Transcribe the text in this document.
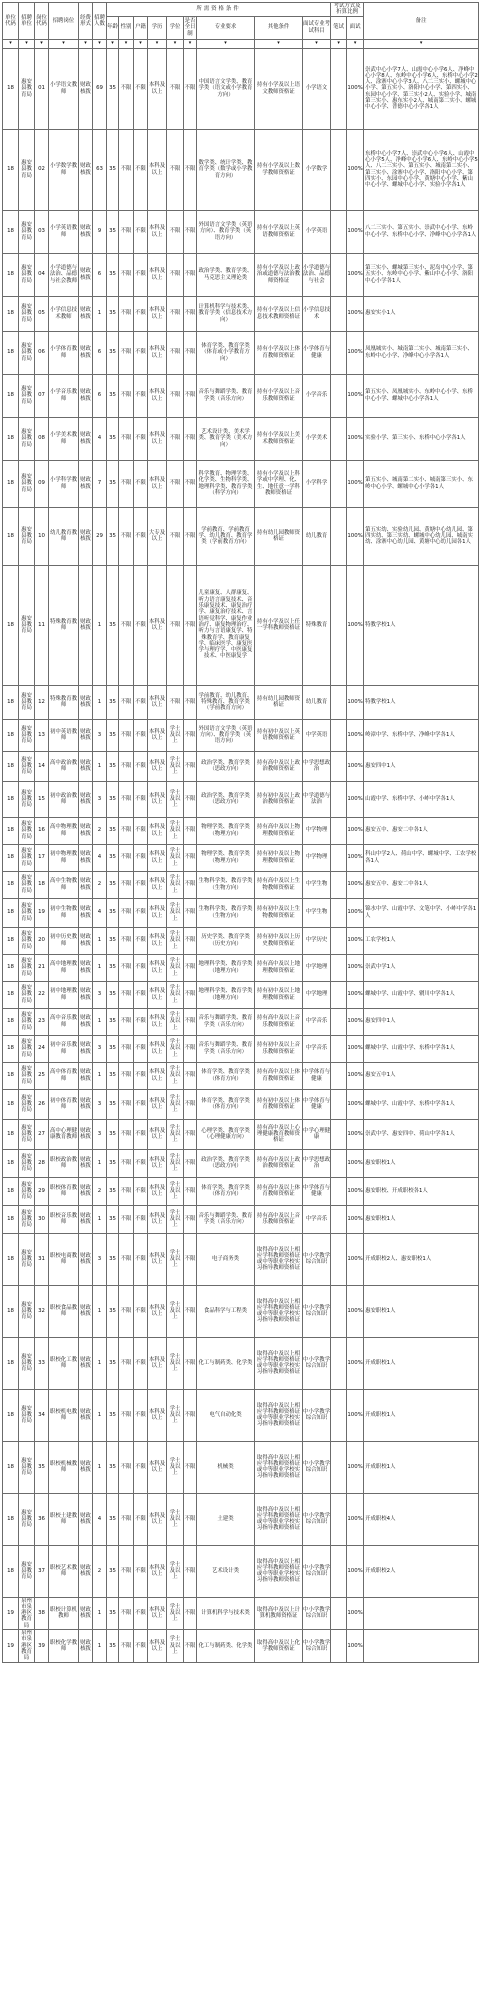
单位代码	招聘单位	岗位代码	招聘岗位	经费形式	招聘人数	所需资格条件									考试方式及折算比例		备注
						年龄	性别	户籍	学历	学位	是否全日制	专业要求	其他条件	面试专业考试科目	笔试	面试	
▾	▾	▾	▾	▾	▾	▾	▾	▾	▾	▾	▾	▾	▾	▾	▾	▾	▾
18	惠安县教育局	01	小学语文教师	财政核拨	69	35	不限	不限	本科及以上	不限	不限	中国语言文学类、教育学类（语文或小学教育方向）	持有小学及以上语文教师资格证	小学语文		100%	崇武中心小学7人、山霞中心小学6人、净峰中心小学8人、东岭中心小学6人、东桥中心小学2人、涂寨中心小学3人、八二三实小、螺城中心小学、第五实小、洛阳中心小学、第四实小、东园中心小学、第三实小2人、实验小学、城南第三实小、惠东实小2人、城南第二实小、螺城中心小学、普德中心小学各1人
18	惠安县教育局	02	小学数学教师	财政核拨	63	35	不限	不限	本科及以上	不限	不限	数学类、统计学类、教育学类（数学或小学教育方向）	持有小学及以上数学教师资格证	小学数学		100%	东桥中心小学7人、崇武中心小学6人、山霞中心小学5人、净峰中心小学6人、东岭中心小学5人、八二三实小、第五实小、城南第二实小、第三实小、涂寨中心小学、洛阳中心小学、第四实小、东园中心小学、黄塘中心小学、紫山中心小学、螺城中心小学、实验小学各1人
18	惠安县教育局	03	小学英语教师	财政核拨	9	35	不限	不限	本科及以上	不限	不限	外国语言文学类（英语方向）、教育学类（英语方向）	持有小学及以上英语教师资格证	小学英语		100%	八二三实小、第五实小、崇武中心小学、东岭中心小学、东桥中心小学、净峰中心小学各1人
18	惠安县教育局	04	小学道德与法治、品德与社会教师	财政核拨	6	35	不限	不限	本科及以上	不限	不限	政治学类、教育学类、马克思主义理论类	持有小学及以上政治或道德与法治教师资格证	小学道德与法治、品德与社会		100%	第三实小、螺城第三实小、泥岛中心小学、第五实小、东岭中心小学、紫山中心小学、洛阳中心小学各1人
18	惠安县教育局	05	小学信息技术教师	财政核拨	1	35	不限	不限	本科及以上	不限	不限	计算机科学与技术类、教育学类（信息技术方向）	持有小学及以上信息技术教师资格证	小学信息技术		100%	惠安实小1人
18	惠安县教育局	06	小学体育教师	财政核拨	6	35	不限	不限	本科及以上	不限	不限	体育学类、教育学类（体育或小学教育方向）	持有小学及以上体育教师资格证	小学体育与健康		100%	凤凰城实小、城南第二实小、城南第三实小、东岭中心小学、净峰中心小学各1人
18	惠安县教育局	07	小学音乐教师	财政核拨	6	35	不限	不限	本科及以上	不限	不限	音乐与舞蹈学类、教育学类（音乐方向）	持有小学及以上音乐教师资格证	小学音乐		100%	第五实小、凤凰城实小、东岭中心小学、东桥中心小学、螺城中心小学各1人
18	惠安县教育局	08	小学美术教师	财政核拨	4	35	不限	不限	本科及以上	不限	不限	艺术设计类、美术学类、教育学类（美术方向）	持有小学及以上美术教师资格证	小学美术		100%	实验小学、第三实小、东桥中心小学各1人
18	惠安县教育局	09	小学科学教师	财政核拨	7	35	不限	不限	本科及以上	不限	不限	科学教育、物理学类、化学类、生物科学类、地理科学类、教育学类（科学方向）	持有小学及以上科学或中学理、化、生、地任意一学科教师资格证	小学科学		100%	第五实小、城南第二实小、城南第三实小、东岭中心小学、螺城中心小学各1人
18	惠安县教育局	10	幼儿教育教师	财政核拨	29	35	不限	不限	大专及以上	不限	不限	学前教育、学前教育学、幼儿教育、教育学类（学前教育方向）	持有幼儿园教师资格证	幼儿教育		100%	第五实幼、实验幼儿园、黄塘中心幼儿园、第四实幼、第三实幼、螺城中心幼儿园、城南实幼、涂寨中心幼儿园、黄塘中心幼儿园各1人
18	惠安县教育局	11	特殊教育教师	财政核拨	1	35	不限	不限	本科及以上	不限	不限	儿童康复、人群康复、听力语言康复技术、音乐康复技术、康复治疗学、康复治疗技术、言语听觉科学、康复作业治疗、康复物理治疗、听力与言语康复学、特殊教育学、教育康复学、临床医学、康复医学与理疗学、中医康复技术、中医康复学	持有小学及以上任一学科教师资格证	特殊教育		100%	特教学校1人
18	惠安县教育局	12	特殊教育教师	财政核拨	1	35	不限	不限	本科及以上	不限	不限	学前教育、幼儿教育、特殊教育、教育学类（学前教育方向）	持有幼儿园教师资格证	幼儿教育		100%	特教学校1人
18	惠安县教育局	13	初中英语教师	财政核拨	3	35	不限	不限	本科及以上	学士及以上	不限	外国语言文学类（英语方向）、教育学类（英语方向）	持有初中及以上英语教师资格证	中学英语		100%	岭漳中学、东桥中学、净峰中学各1人
18	惠安县教育局	14	高中政治教师	财政核拨	1	35	不限	不限	本科及以上	学士及以上	不限	政治学类、教育学类（思政方向）	持有高中及以上政治教师资格证	中学思想政治		100%	惠安四中1人
18	惠安县教育局	15	初中政治教师	财政核拨	3	35	不限	不限	本科及以上	学士及以上	不限	政治学类、教育学类（思政方向）	持有初中及以上政治教师资格证	中学道德与法治		100%	山霞中学、东桥中学、小岞中学各1人
18	惠安县教育局	16	高中物理教师	财政核拨	2	35	不限	不限	本科及以上	学士及以上	不限	物理学类、教育学类（物理方向）	持有高中及以上物理教师资格证	中学物理		100%	惠安五中、惠安二中各1人
18	惠安县教育局	17	初中物理教师	财政核拨	4	35	不限	不限	本科及以上	学士及以上	不限	物理学类、教育学类（物理方向）	持有初中及以上物理教师资格证	中学物理		100%	科山中学2人、荷山中学、螺城中学、工农学校各1人
18	惠安县教育局	18	高中生物教师	财政核拨	2	35	不限	不限	本科及以上	学士及以上	不限	生物科学类、教育学类（生物方向）	持有高中及以上生物教师资格证	中学生物		100%	惠安五中、惠安二中各1人
18	惠安县教育局	19	初中生物教师	财政核拨	4	35	不限	不限	本科及以上	学士及以上	不限	生物科学类、教育学类（生物方向）	持有初中及以上生物教师资格证	中学生物		100%	锦水中学、山霞中学、文笔中学、小岞中学各1人
18	惠安县教育局	20	初中历史教师	财政核拨	1	35	不限	不限	本科及以上	学士及以上	不限	历史学类、教育学类（历史方向）	持有初中及以上历史教师资格证	中学历史		100%	工农学校1人
18	惠安县教育局	21	高中地理教师	财政核拨	1	35	不限	不限	本科及以上	学士及以上	不限	地理科学类、教育学类（地理方向）	持有高中及以上地理教师资格证	中学地理		100%	崇武中学1人
18	惠安县教育局	22	初中地理教师	财政核拨	3	35	不限	不限	本科及以上	学士及以上	不限	地理科学类、教育学类（地理方向）	持有初中及以上地理教师资格证	中学地理		100%	螺城中学、山霞中学、辋川中学各1人
18	惠安县教育局	23	高中音乐教师	财政核拨	1	35	不限	不限	本科及以上	学士及以上	不限	音乐与舞蹈学类、教育学类（音乐方向）	持有高中及以上音乐教师资格证	中学音乐		100%	惠安四中1人
18	惠安县教育局	24	初中音乐教师	财政核拨	3	35	不限	不限	本科及以上	学士及以上	不限	音乐与舞蹈学类、教育学类（音乐方向）	持有初中及以上音乐教师资格证	中学音乐		100%	螺城中学、山霞中学、东桥中学各1人
18	惠安县教育局	25	高中体育教师	财政核拨	1	35	不限	不限	本科及以上	学士及以上	不限	体育学类、教育学类（体育方向）	持有高中及以上体育教师资格证	中学体育与健康		100%	惠安五中1人
18	惠安县教育局	26	初中体育教师	财政核拨	3	35	不限	不限	本科及以上	学士及以上	不限	体育学类、教育学类（体育方向）	持有初中及以上体育教师资格证	中学体育与健康		100%	螺城中学、山霞中学、东桥中学各1人
18	惠安县教育局	27	高中心理健康教育教师	财政核拨	3	35	不限	不限	本科及以上	学士及以上	不限	心理学类、教育学类（心理健康方向）	持有高中及以上心理健康教育教师资格证	中学心理健康		100%	崇武中学、惠安四中、荷山中学各1人
18	惠安县教育局	28	职校政治教师	财政核拨	1	35	不限	不限	本科及以上	学士及以上	不限	政治学类、教育学类（思政方向）	持有高中及以上政治教师资格证	中学思想政治		100%	惠安职校1人
18	惠安县教育局	29	职校体育教师	财政核拨	2	35	不限	不限	本科及以上	学士及以上	不限	体育学类、教育学类（体育方向）	持有高中及以上体育教师资格证	中学体育与健康		100%	惠安职校、开成职校各1人
18	惠安县教育局	30	职校音乐教师	财政核拨	1	35	不限	不限	本科及以上	学士及以上	不限	音乐与舞蹈学类、教育学类（音乐方向）	持有高中及以上音乐教师资格证	中学音乐		100%	惠安职校1人
18	惠安县教育局	31	职校电商教师	财政核拨	3	35	不限	不限	本科及以上	学士及以上	不限	电子商务类	取得高中及以上相应学科教师资格证或中等职业学校实习指导教师资格证	中小学教学综合知识		100%	开成职校2人、惠安职校1人
18	惠安县教育局	32	职校食品教师	财政核拨	1	35	不限	不限	本科及以上	学士及以上	不限	食品科学与工程类	取得高中及以上相应学科教师资格证或中等职业学校实习指导教师资格证	中小学教学综合知识		100%	惠安职校1人
18	惠安县教育局	33	职校化工教师	财政核拨	1	35	不限	不限	本科及以上	学士及以上	不限	化工与制药类、化学类	取得高中及以上相应学科教师资格证或中等职业学校实习指导教师资格证	中小学教学综合知识		100%	开成职校1人
18	惠安县教育局	34	职校机电教师	财政核拨	1	35	不限	不限	本科及以上	学士及以上	不限	电气自动化类	取得高中及以上相应学科教师资格证或中等职业学校实习指导教师资格证	中小学教学综合知识		100%	开成职校1人
18	惠安县教育局	35	职校机械教师	财政核拨	1	35	不限	不限	本科及以上	学士及以上	不限	机械类	取得高中及以上相应学科教师资格证或中等职业学校实习指导教师资格证	中小学教学综合知识		100%	开成职校1人
18	惠安县教育局	36	职校土建教师	财政核拨	4	35	不限	不限	本科及以上	学士及以上	不限	土建类	取得高中及以上相应学科教师资格证或中等职业学校实习指导教师资格证	中小学教学综合知识		100%	开成职校4人
18	惠安县教育局	37	职校艺术教师	财政核拨	2	35	不限	不限	本科及以上	学士及以上	不限	艺术设计类	取得高中及以上相应学科教师资格证或中等职业学校实习指导教师资格证	中小学教学综合知识		100%	开成职校2人
19	泉州市泉港区教育局	38	职校计算机教师	财政核拨	1	35	不限	不限	本科及以上	学士及以上	不限	计算机科学与技术类	取得高中及以上计算机教师资格证	中小学教学综合知识		100%	
19	泉州市泉港区教育局	39	职校化学教师	财政核拨	1	35	不限	不限	本科及以上	学士及以上	不限	化工与制药类、化学类	取得高中及以上化学教师资格证	中小学教学综合知识		100%	
